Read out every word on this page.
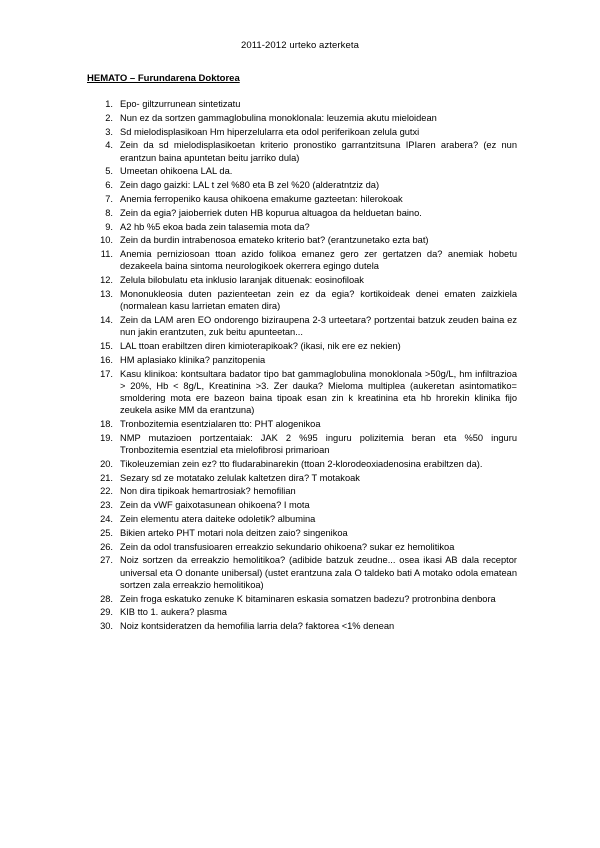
2011-2012 urteko azterketa
HEMATO – Furundarena Doktorea
1. Epo- giltzurrunean sintetizatu
2. Nun ez da sortzen gammaglobulina monoklonala: leuzemia akutu mieloidean
3. Sd mielodisplasikoan Hm hiperzelularra eta odol periferikoan zelula gutxi
4. Zein da sd mielodisplasikoetan kriterio pronostiko garrantzitsuna IPIaren arabera? (ez nun erantzun baina apuntetan beitu jarriko dula)
5. Umeetan ohikoena LAL da.
6. Zein dago gaizki: LAL t zel %80 eta B zel %20 (alderatntziz da)
7. Anemia ferropeniko kausa ohikoena emakume gazteetan: hilerokoak
8. Zein da egia? jaioberriek duten HB kopurua altuagoa da helduetan baino.
9. A2 hb %5 ekoa bada zein talasemia mota da?
10. Zein da burdin intrabenosoa emateko kriterio bat? (erantzunetako ezta bat)
11. Anemia perniziosoan ttoan azido folikoa emanez gero zer gertatzen da? anemiak hobetu dezakeela baina sintoma neurologikoek okerrera egingo dutela
12. Zelula bilobulatu eta inklusio laranjak dituenak: eosinofiloak
13. Mononukleosia duten pazienteetan zein ez da egia? kortikoideak denei ematen zaizkiela (normalean kasu larrietan ematen dira)
14. Zein da LAM aren EO ondorengo biziraupena 2-3 urteetara? portzentai batzuk zeuden baina ez nun jakin erantzuten, zuk beitu apunteetan...
15. LAL ttoan erabiltzen diren kimioterapikoak? (ikasi, nik ere ez nekien)
16. HM aplasiako klinika? panzitopenia
17. Kasu klinikoa: kontsultara badator tipo bat gammaglobulina monoklonala >50g/L, hm infiltrazioa > 20%, Hb < 8g/L, Kreatinina >3. Zer dauka? Mieloma multiplea (aukeretan asintomatiko= smoldering mota ere bazeon baina tipoak esan zin k kreatinina eta hb hrorekin klinika fijo zeukela asike MM da erantzuna)
18. Tronbozitemia esentzialaren tto: PHT alogenikoa
19. NMP mutazioen portzentaiak: JAK 2 %95 inguru polizitemia beran eta %50 inguru Tronbozitemia esentzial eta mielofibrosi primarioan
20. Tikoleuzemian zein ez? tto fludarabinarekin (ttoan 2-klorodeoxiadenosina erabiltzen da).
21. Sezary sd ze motatako zelulak kaltetzen dira? T motakoak
22. Non dira tipikoak hemartrosiak? hemofilian
23. Zein da vWF gaixotasunean ohikoena? I mota
24. Zein elementu atera daiteke odoletik? albumina
25. Bikien arteko PHT motari nola deitzen zaio? singenikoa
26. Zein da odol transfusioaren erreakzio sekundario ohikoena? sukar ez hemolitikoa
27. Noiz sortzen da erreakzio hemolitikoa? (adibide batzuk zeudne... osea ikasi AB dala receptor universal eta O donante unibersal) (ustet erantzuna zala O taldeko bati A motako odola ematean sortzen zala erreakzio hemolitikoa)
28. Zein froga eskatuko zenuke K bitaminaren eskasia somatzen badezu? protronbina denbora
29. KIB tto 1. aukera? plasma
30. Noiz kontsideratzen da hemofilia larria dela? faktorea <1% denean
